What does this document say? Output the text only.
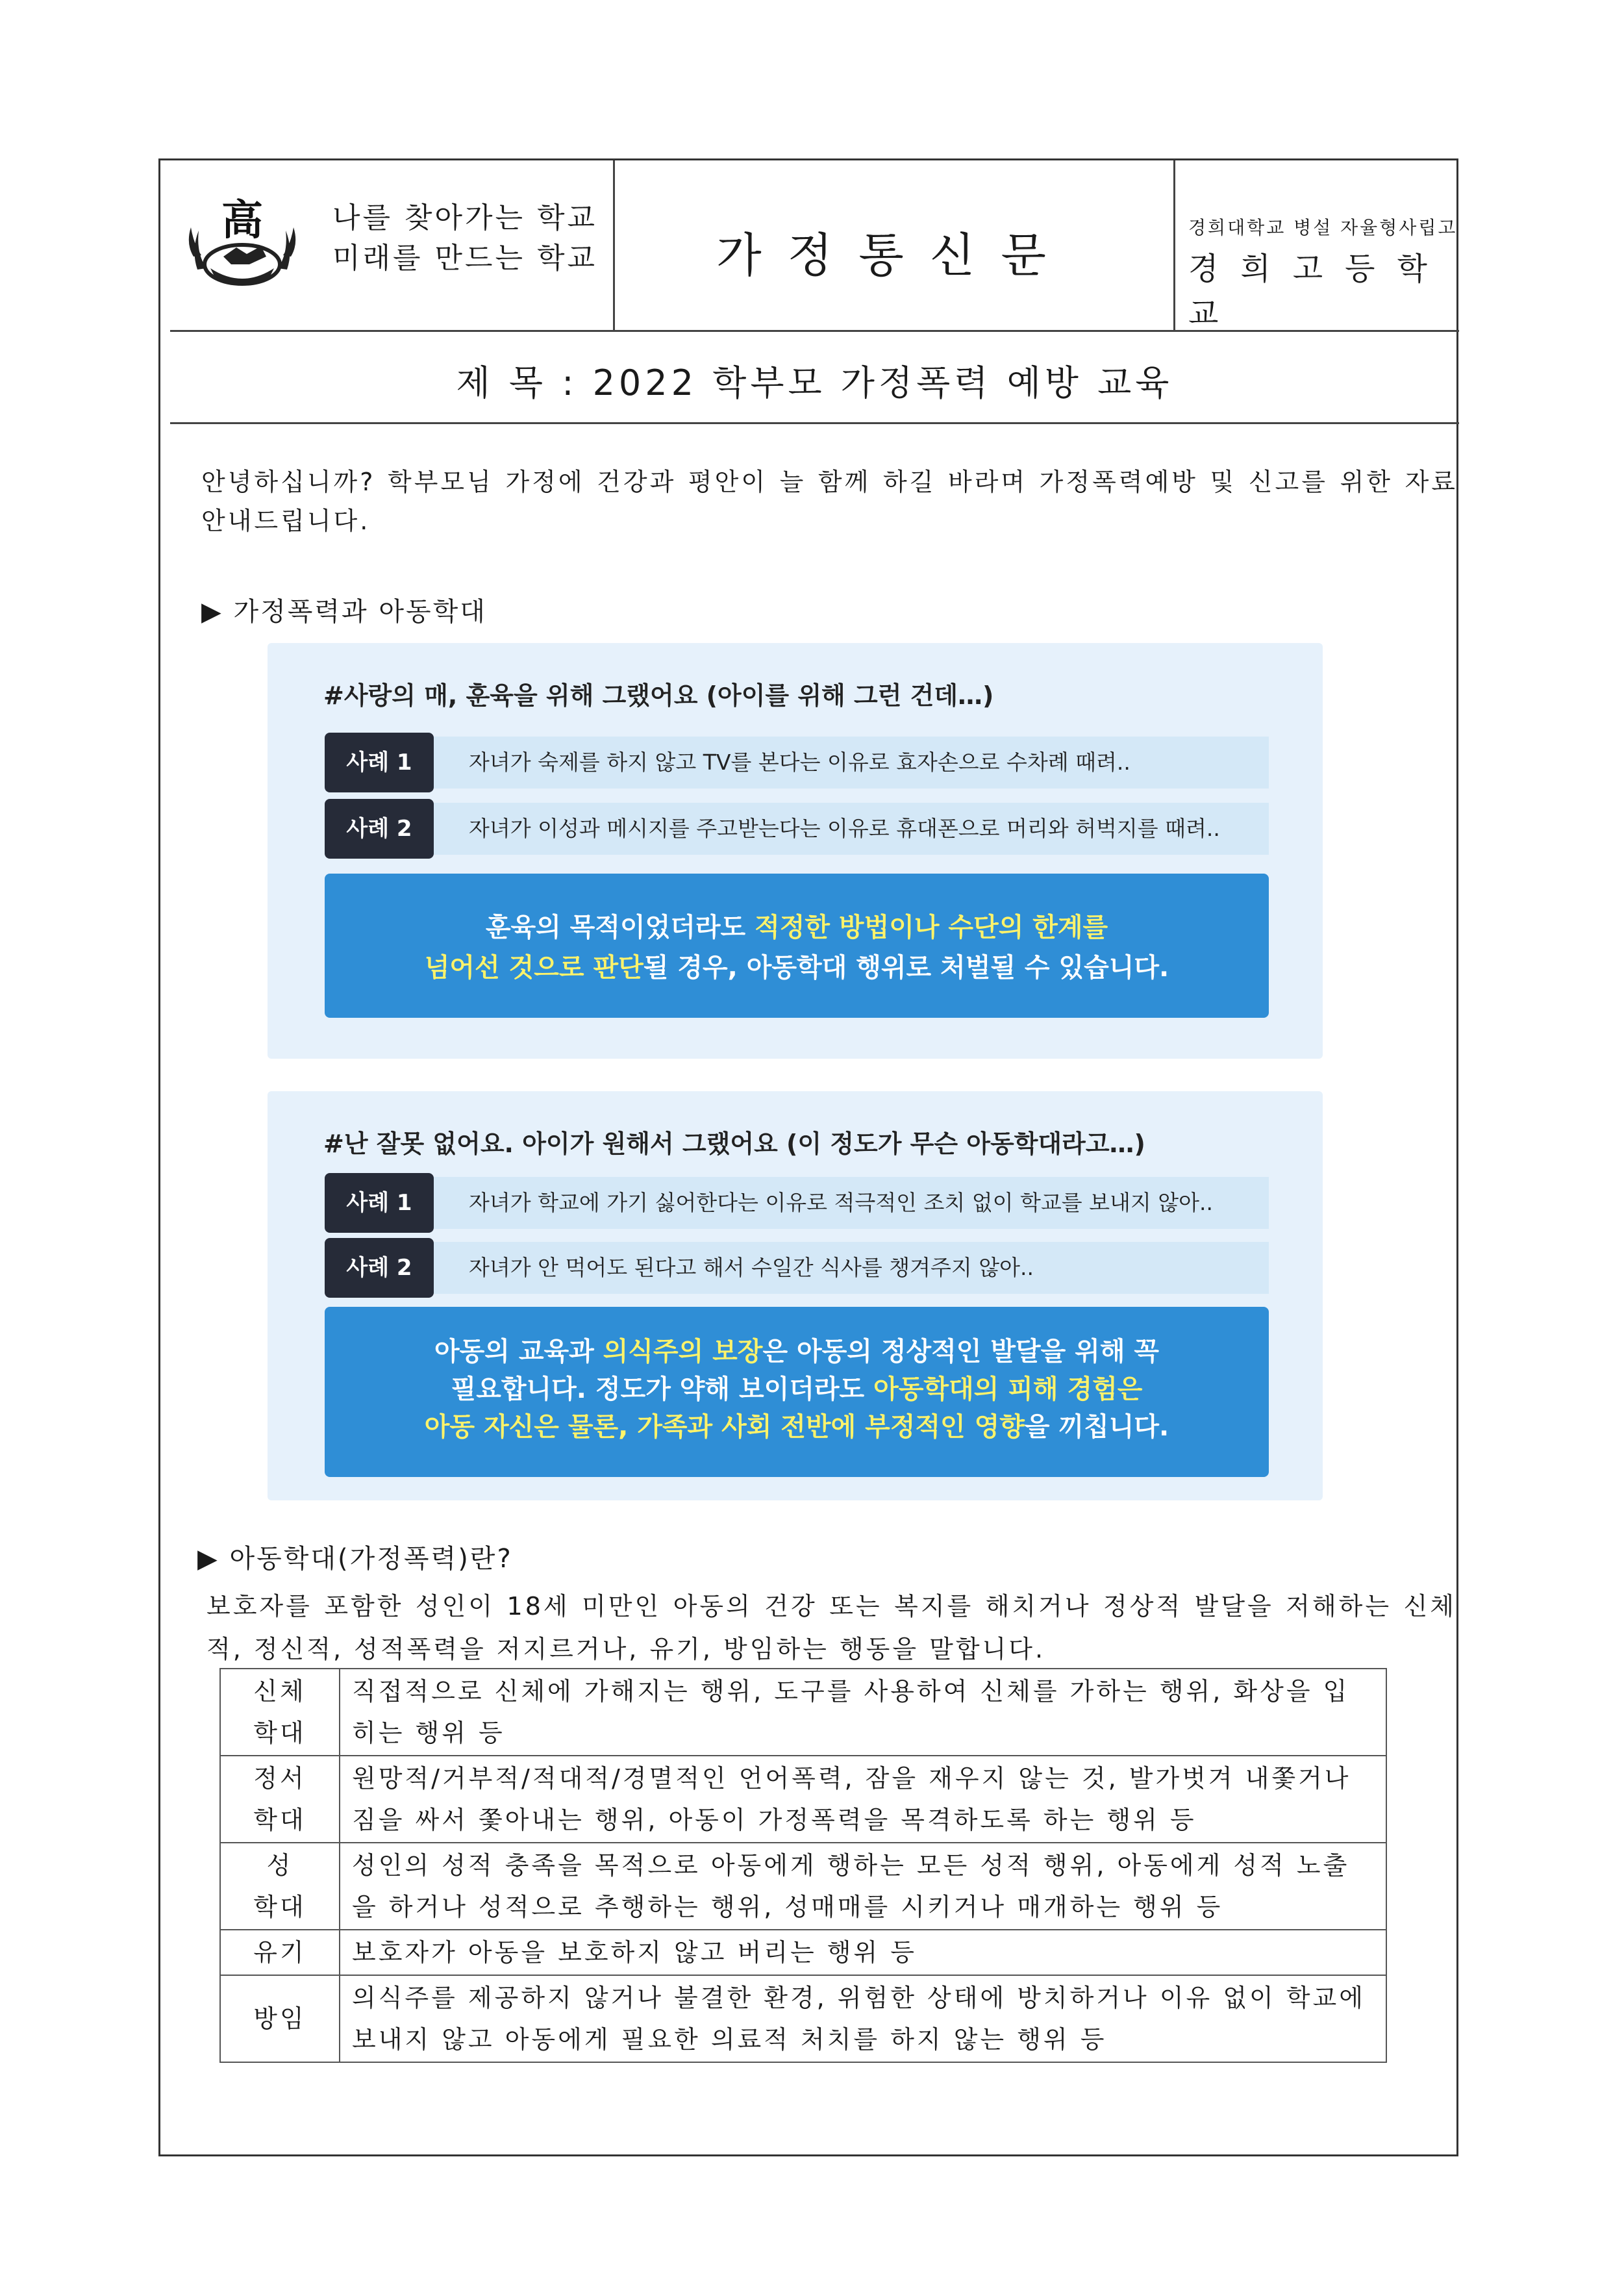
高 나를 찾아가는 학교
미래를 만드는 학교	가정통신문
경희대학교 병설 자율형사립고
경희고등학교
제 목 : 2022 학부모 가정폭력 예방 교육
안녕하십니까? 학부모님 가정에 건강과 평안이 늘 함께 하길 바라며 가정폭력예방 및 신고를 위한 자료 안내드립니다.
▶ 가정폭력과 아동학대
#사랑의 매, 훈육을 위해 그랬어요 (아이를 위해 그런 건데…)
사례 1	자녀가 숙제를 하지 않고 TV를 본다는 이유로 효자손으로 수차례 때려..
사례 2	자녀가 이성과 메시지를 주고받는다는 이유로 휴대폰으로 머리와 허벅지를 때려..
훈육의 목적이었더라도 적정한 방법이나 수단의 한계를
넘어선 것으로 판단될 경우, 아동학대 행위로 처벌될 수 있습니다.
#난 잘못 없어요. 아이가 원해서 그랬어요 (이 정도가 무슨 아동학대라고…)
사례 1	자녀가 학교에 가기 싫어한다는 이유로 적극적인 조치 없이 학교를 보내지 않아..
사례 2	자녀가 안 먹어도 된다고 해서 수일간 식사를 챙겨주지 않아..
아동의 교육과 의식주의 보장은 아동의 정상적인 발달을 위해 꼭
필요합니다. 정도가 약해 보이더라도 아동학대의 피해 경험은
아동 자신은 물론, 가족과 사회 전반에 부정적인 영향을 끼칩니다.
▶ 아동학대(가정폭력)란?
보호자를 포함한 성인이 18세 미만인 아동의 건강 또는 복지를 해치거나 정상적 발달을 저해하는 신체적, 정신적, 성적폭력을 저지르거나, 유기, 방임하는 행동을 말합니다.
신체
학대	직접적으로 신체에 가해지는 행위, 도구를 사용하여 신체를 가하는 행위, 화상을 입히는 행위 등

정서
학대	원망적/거부적/적대적/경멸적인 언어폭력, 잠을 재우지 않는 것, 발가벗겨 내쫓거나 짐을 싸서 쫓아내는 행위, 아동이 가정폭력을 목격하도록 하는 행위 등

성
학대	성인의 성적 충족을 목적으로 아동에게 행하는 모든 성적 행위, 아동에게 성적 노출을 하거나 성적으로 추행하는 행위, 성매매를 시키거나 매개하는 행위 등

유기	보호자가 아동을 보호하지 않고 버리는 행위 등

방임	의식주를 제공하지 않거나 불결한 환경, 위험한 상태에 방치하거나 이유 없이 학교에 보내지 않고 아동에게 필요한 의료적 처치를 하지 않는 행위 등
